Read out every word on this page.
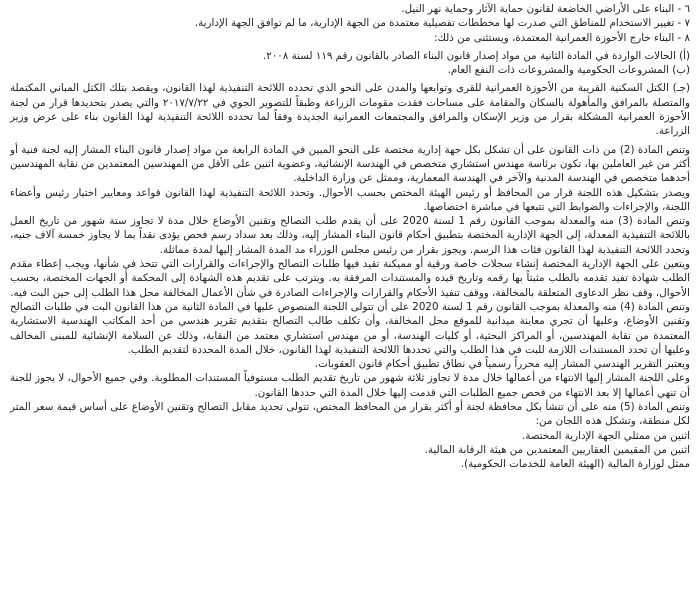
٦ - البناء على الأراضي الخاضعة لقانون حماية الآثار وحماية نهر النيل.

٧ - تغيير الاستخدام للمناطق التي صدرت لها مخططات تفصيلية معتمدة من الجهة الإدارية، ما لم توافق الجهة الإدارية.

٨ - البناء خارج الأحوزة العمرانية المعتمدة، ويستثنى من ذلك:

(أ) الحالات الواردة في المادة الثانية من مواد إصدار قانون البناء الصادر بالقانون رقم ١١٩ لسنة ٢٠٠٨.

(ب) المشروعات الحكومية والمشروعات ذات النفع العام.

(جـ) الكتل السكنية القريبة من الأحوزة العمرانية للقرى وتوابعها والمدن على النحو الذي تحدده اللائحة التنفيذية لهذا القانون، ويقصد بتلك الكتل المباني المكتملة والمتصلة بالمرافق والمأهولة بالسكان والمقامة على مساحات فقدت مقومات الزراعة وطبقاً للتصوير الجوي في ٢٠١٧/٧/٢٢ والتي يصدر بتحديدها قرار من لجنة الأحوزة العمرانية المشكلة بقرار من وزير الإسكان والمرافق والمجتمعات العمرانية الجديدة وفقاً لما تحدده اللائحة التنفيذية لهذا القانون بناء على عرض وزير الزراعة.

وتنص المادة (2) من ذات القانون على أن تشكل بكل جهة إدارية مختصة على النحو المبين في المادة الرابعة من مواد إصدار قانون البناء المشار إليه لجنة فنية أو أكثر من غير العاملين بها، تكون برئاسة مهندس استشاري متخصص في الهندسة الإنشائية، وعضوية اثنين على الأقل من المهندسين المعتمدين من نقابة المهندسين أحدهما متخصص في الهندسة المدنية والآخر في الهندسة المعمارية، وممثل عن وزارة الداخلية.

ويصدر بتشكيل هذه اللجنة قرار من المحافظ أو رئيس الهيئة المختص بحسب الأحوال. وتحدد اللائحة التنفيذية لهذا القانون قواعد ومعايير اختيار رئيس وأعضاء اللجنة، والإجراءات والضوابط التي تتبعها في مباشرة اختصاصها.

وتنص المادة (3) منه والمعدلة بموجب القانون رقم 1 لسنة 2020 على أن يقدم طلب التصالح وتقنين الأوضاع خلال مدة لا تجاوز ستة شهور من تاريخ العمل باللائحة التنفيذية المعدلة، إلى الجهة الإدارية المختصة بتطبيق أحكام قانون البناء المشار إليه، وذلك بعد سداد رسم فحص يؤدى نقداً بما لا يجاوز خمسة آلاف جنيه، وتحدد اللائحة التنفيذية لهذا القانون فئات هذا الرسم. ويجوز بقرار من رئيس مجلس الوزراء مد المدة المشار إليها لمدة مماثلة.

ويتعين على الجهة الإدارية المختصة إنشاء سجلات خاصة ورقية أو مميكنة تقيد فيها طلبات التصالح والإجراءات والقرارات التي تتخذ في شأنها، ويجب إعطاء مقدم الطلب شهادة تفيد تقدمه بالطلب مثبتاً بها رقمه وتاريخ قيده والمستندات المرفقة به. ويترتب على تقديم هذه الشهادة إلى المحكمة أو الجهات المختصة، بحسب الأحوال، وقف نظر الدعاوى المتعلقة بالمخالفة، ووقف تنفيذ الأحكام والقرارات والإجراءات الصادرة في شأن الأعمال المخالفة محل هذا الطلب إلى حين البت فيه.

وتنص المادة (4) منه والمعدلة بموجب القانون رقم 1 لسنة 2020 على أن تتولى اللجنة المنصوص عليها في المادة الثانية من هذا القانون البت في طلبات التصالح وتقنين الأوضاع، وعليها أن تجري معاينة ميدانية للموقع محل المخالفة، وأن تكلف طالب التصالح بتقديم تقرير هندسي من أحد المكاتب الهندسية الاستشارية المعتمدة من نقابة المهندسين، أو المراكز البحثية، أو كليات الهندسة، أو من مهندس استشاري معتمد من النقابة، وذلك عن السلامة الإنشائية للمبنى المخالف وعليها أن تحدد المستندات اللازمة للبت في هذا الطلب والتي تحددها اللائحة التنفيذية لهذا القانون، خلال المدة المحددة لتقديم الطلب.

ويعتبر التقرير الهندسي المشار إليه محرراً رسمياً في نطاق تطبيق أحكام قانون العقوبات.

وعلى اللجنة المشار إليها الانتهاء من أعمالها خلال مدة لا تجاوز ثلاثة شهور من تاريخ تقديم الطلب مستوفياً المستندات المطلوبة. وفي جميع الأحوال، لا يجوز للجنة أن تنهي أعمالها إلا بعد الانتهاء من فحص جميع الطلبات التي قدمت إليها خلال المدة التي حددها القانون.

وتنص المادة (5) منه على أن تنشأ بكل محافظة لجنة أو أكثر بقرار من المحافظ المختص، تتولى تحديد مقابل التصالح وتقنين الأوضاع على أساس قيمة سعر المتر لكل منطقة، وتشكل هذه اللجان من:

اثنين من ممثلي الجهة الإدارية المختصة.

اثنين من المقيمين العقاريين المعتمدين من هيئة الرقابة المالية.

ممثل لوزارة المالية (الهيئة العامة للخدمات الحكومية).
